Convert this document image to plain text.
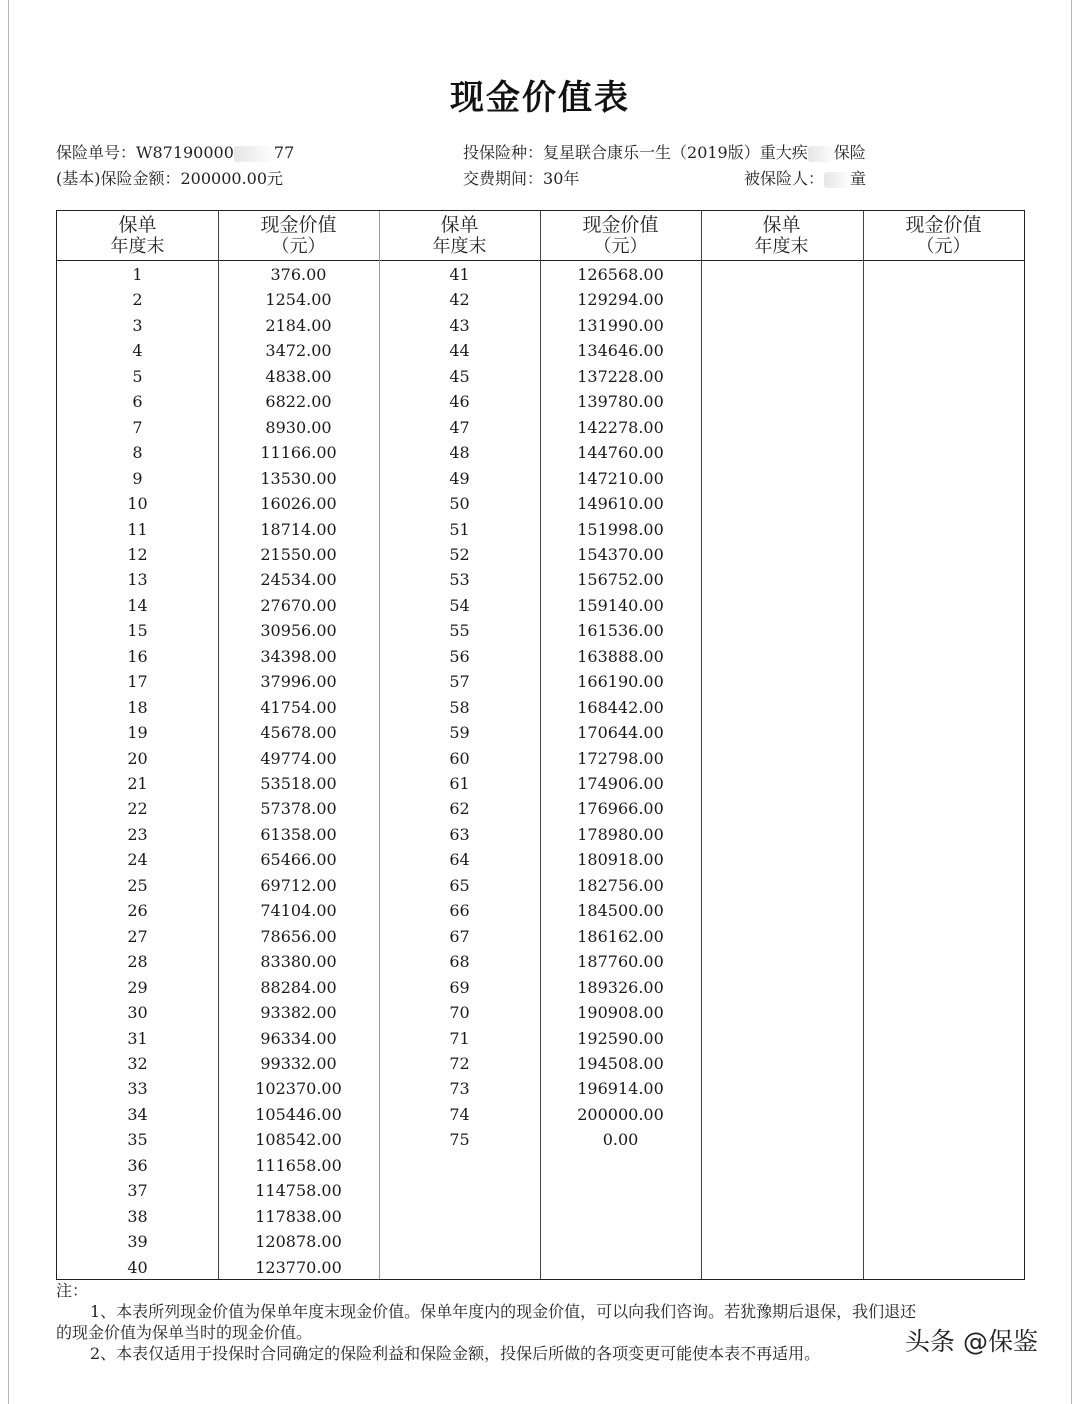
现金价值表
保险单号：W87190000	77	投保险种：复星联合康乐一生（2019版）重大疾 保险
(基本)保险金额：200000.00元	交费期间：30年	被保险人： 童
保单
年度末
现金价值
（元）
保单
年度末
现金价值
（元）
保单
年度末
现金价值
（元）
1	376.00
2	1254.00
3	2184.00
4	3472.00
5	4838.00
6	6822.00
7	8930.00
8	11166.00
9	13530.00
10	16026.00
11	18714.00
12	21550.00
13	24534.00
14	27670.00
15	30956.00
16	34398.00
17	37996.00
18	41754.00
19	45678.00
20	49774.00
21	53518.00
22	57378.00
23	61358.00
24	65466.00
25	69712.00
26	74104.00
27	78656.00
28	83380.00
29	88284.00
30	93382.00
31	96334.00
32	99332.00
33	102370.00
34	105446.00
35	108542.00
36	111658.00
37	114758.00
38	117838.00
39	120878.00
40	123770.00
41	126568.00
42	129294.00
43	131990.00
44	134646.00
45	137228.00
46	139780.00
47	142278.00
48	144760.00
49	147210.00
50	149610.00
51	151998.00
52	154370.00
53	156752.00
54	159140.00
55	161536.00
56	163888.00
57	166190.00
58	168442.00
59	170644.00
60	172798.00
61	174906.00
62	176966.00
63	178980.00
64	180918.00
65	182756.00
66	184500.00
67	186162.00
68	187760.00
69	189326.00
70	190908.00
71	192590.00
72	194508.00
73	196914.00
74	200000.00
75	0.00
注：
1、本表所列现金价值为保单年度末现金价值。保单年度内的现金价值，可以向我们咨询。若犹豫期后退保，我们退还
的现金价值为保单当时的现金价值。
2、本表仅适用于投保时合同确定的保险利益和保险金额，投保后所做的各项变更可能使本表不再适用。	头条 @保鉴
